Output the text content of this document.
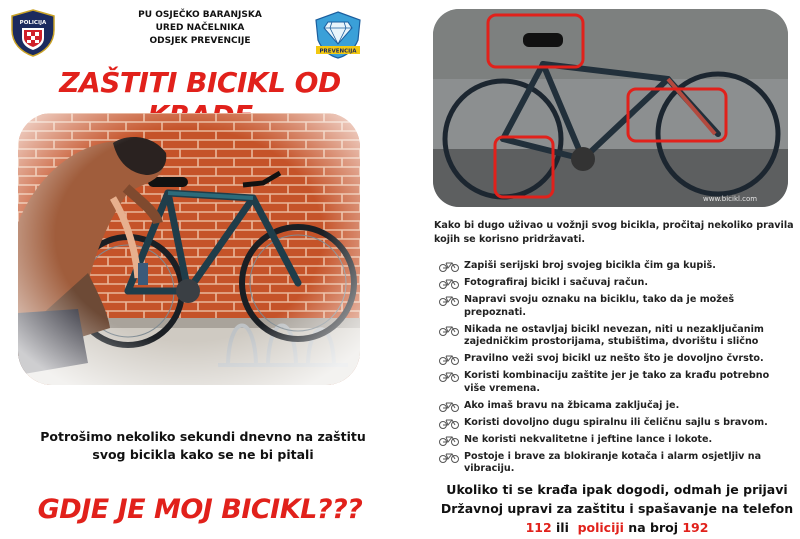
POLICIJA
PU OSJEČKO BARANJSKA
URED NAČELNIKA
ODSJEK PREVENCIJE
PREVENCIJA
ZAŠTITI BICIKL OD
Potrošimo nekoliko sekundi dnevno na zaštitu
svog bicikla kako se ne bi pitali
GDJE JE MOJ BICIKL???
www.bicikl.com
Kako bi dugo uživao u vožnji svog bicikla, pročitaj nekoliko pravila kojih se korisno pridržavati.
Zapiši serijski broj svojeg bicikla čim ga kupiš.
Fotografiraj bicikl i sačuvaj račun.
Napravi svoju oznaku na biciklu, tako da je možeš prepoznati.
Nikada ne ostavljaj bicikl nevezan, niti u nezaključanim zajedničkim prostorijama, stubištima, dvorištu i slično
Pravilno veži svoj bicikl uz nešto što je dovoljno čvrsto.
Koristi kombinaciju zaštite jer je tako za krađu potrebno više vremena.
Ako imaš bravu na žbicama zaključaj je.
Koristi dovoljno dugu spiralnu ili čeličnu sajlu s bravom.
Ne koristi nekvalitetne i jeftine lance i lokote.
Postoje i brave za blokiranje kotača i alarm osjetljiv na vibraciju.
Ukoliko ti se krađa ipak dogodi, odmah je prijavi
Državnoj upravi za zaštitu i spašavanje na telefon
112 ili  policiji na broj 192
